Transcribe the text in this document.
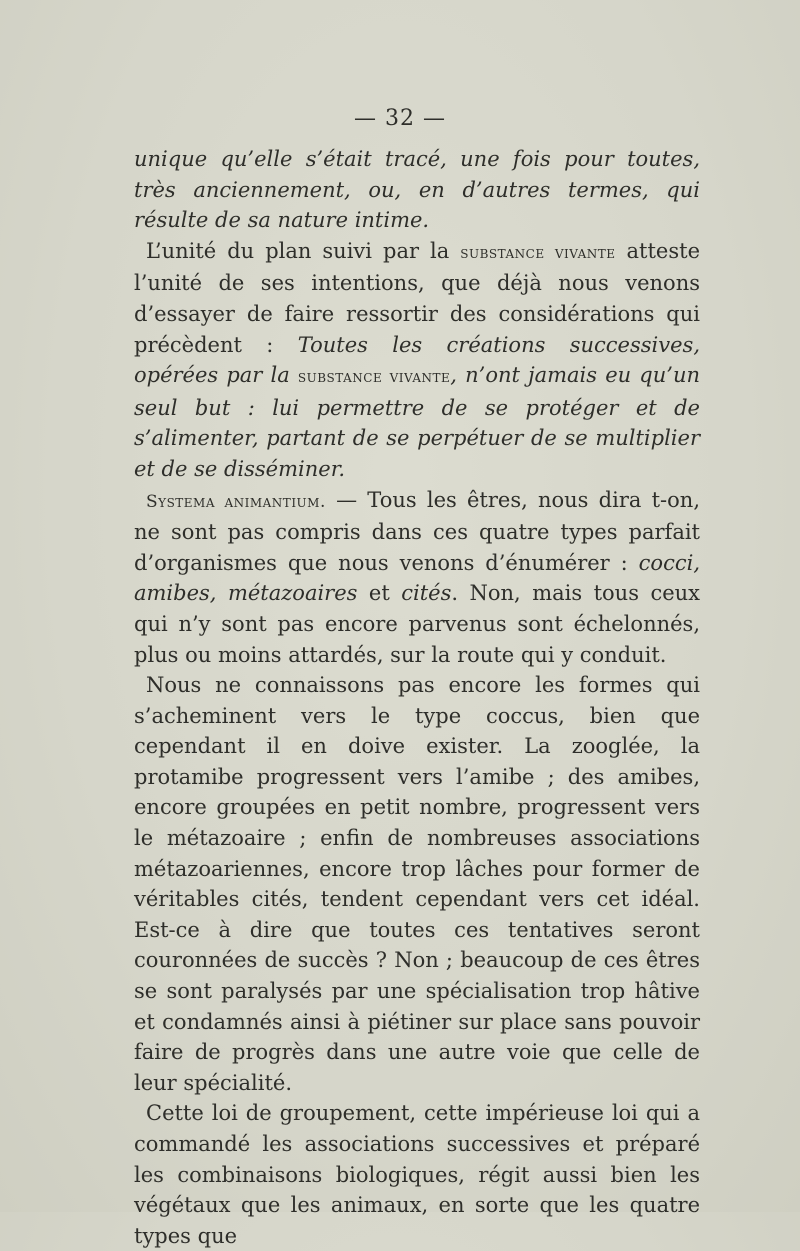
— 32 —

unique qu’elle s’était tracé, une fois pour toutes, très anciennement, ou, en d’autres termes, qui résulte de sa nature intime.

L’unité du plan suivi par la substance vivante atteste l’unité de ses intentions, que déjà nous venons d’essayer de faire ressortir des considérations qui précèdent : Toutes les créations successives, opérées par la substance vivante, n’ont jamais eu qu’un seul but : lui permettre de se protéger et de s’alimenter, partant de se perpétuer de se multiplier et de se disséminer.

Systema animantium. — Tous les êtres, nous dira t-on, ne sont pas compris dans ces quatre types parfait d’organismes que nous venons d’énumérer : cocci, amibes, métazoaires et cités. Non, mais tous ceux qui n’y sont pas encore parvenus sont échelonnés, plus ou moins attardés, sur la route qui y conduit.

Nous ne connaissons pas encore les formes qui s’acheminent vers le type coccus, bien que cependant il en doive exister. La zooglée, la protamibe progressent vers l’amibe ; des amibes, encore groupées en petit nombre, progressent vers le métazoaire ; enfin de nombreuses associations métazoariennes, encore trop lâches pour former de véritables cités, tendent cependant vers cet idéal. Est-ce à dire que toutes ces tentatives seront couronnées de succès ? Non ; beaucoup de ces êtres se sont paralysés par une spécialisation trop hâtive et condamnés ainsi à piétiner sur place sans pouvoir faire de progrès dans une autre voie que celle de leur spécialité.

Cette loi de groupement, cette impérieuse loi qui a commandé les associations successives et préparé les combinaisons biologiques, régit aussi bien les végétaux que les animaux, en sorte que les quatre types que
